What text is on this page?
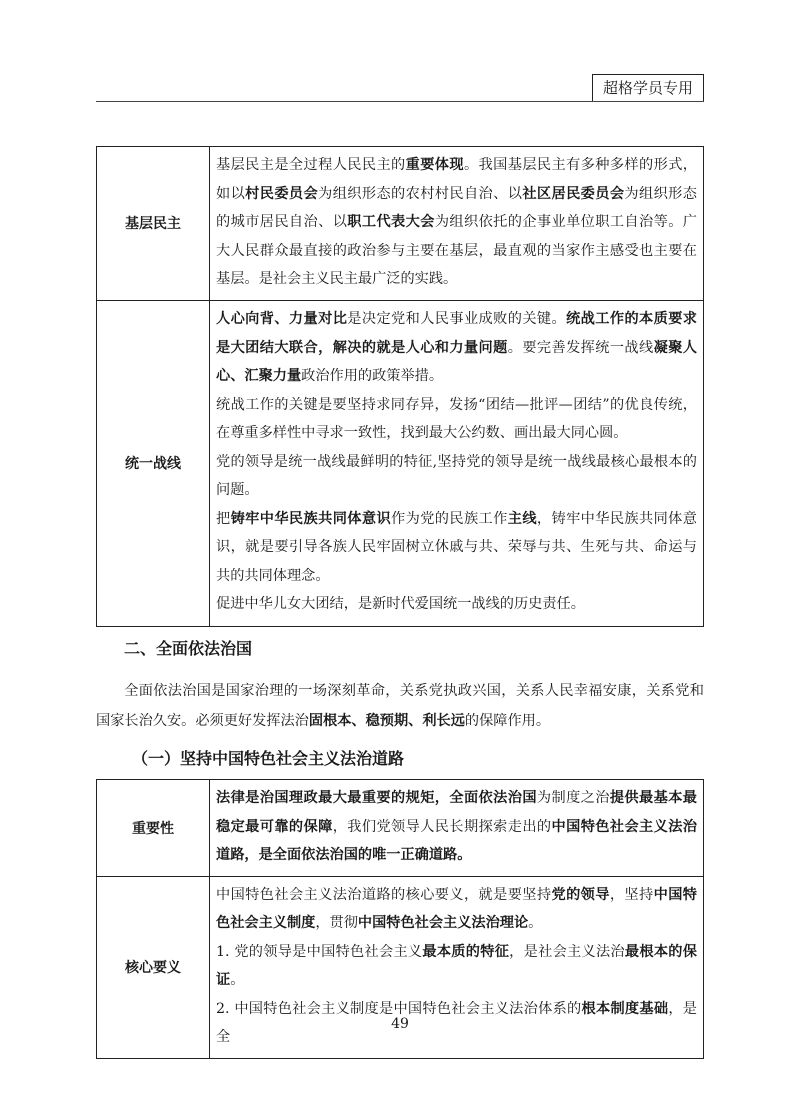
超格学员专用
基层民主	基层民主是全过程人民民主的重要体现。我国基层民主有多种多样的形式，如以村民委员会为组织形态的农村村民自治、以社区居民委员会为组织形态的城市居民自治、以职工代表大会为组织依托的企事业单位职工自治等。广大人民群众最直接的政治参与主要在基层，最直观的当家作主感受也主要在基层。是社会主义民主最广泛的实践。

统一战线	人心向背、力量对比是决定党和人民事业成败的关键。统战工作的本质要求是大团结大联合，解决的就是人心和力量问题。要完善发挥统一战线凝聚人心、汇聚力量政治作用的政策举措。

统战工作的关键是要坚持求同存异，发扬“团结—批评—团结”的优良传统，在尊重多样性中寻求一致性，找到最大公约数、画出最大同心圆。

党的领导是统一战线最鲜明的特征,坚持党的领导是统一战线最核心最根本的问题。

把铸牢中华民族共同体意识作为党的民族工作主线，铸牢中华民族共同体意识，就是要引导各族人民牢固树立休戚与共、荣辱与共、生死与共、命运与共的共同体理念。

促进中华儿女大团结，是新时代爱国统一战线的历史责任。

二、全面依法治国
全面依法治国是国家治理的一场深刻革命，关系党执政兴国，关系人民幸福安康，关系党和国家长治久安。必须更好发挥法治固根本、稳预期、利长远的保障作用。
（一）坚持中国特色社会主义法治道路
重要性	法律是治国理政最大最重要的规矩，全面依法治国为制度之治提供最基本最稳定最可靠的保障，我们党领导人民长期探索走出的中国特色社会主义法治道路，是全面依法治国的唯一正确道路。

核心要义	中国特色社会主义法治道路的核心要义，就是要坚持党的领导，坚持中国特色社会主义制度，贯彻中国特色社会主义法治理论。

1. 党的领导是中国特色社会主义最本质的特征，是社会主义法治最根本的保证。

2. 中国特色社会主义制度是中国特色社会主义法治体系的根本制度基础，是全

49
